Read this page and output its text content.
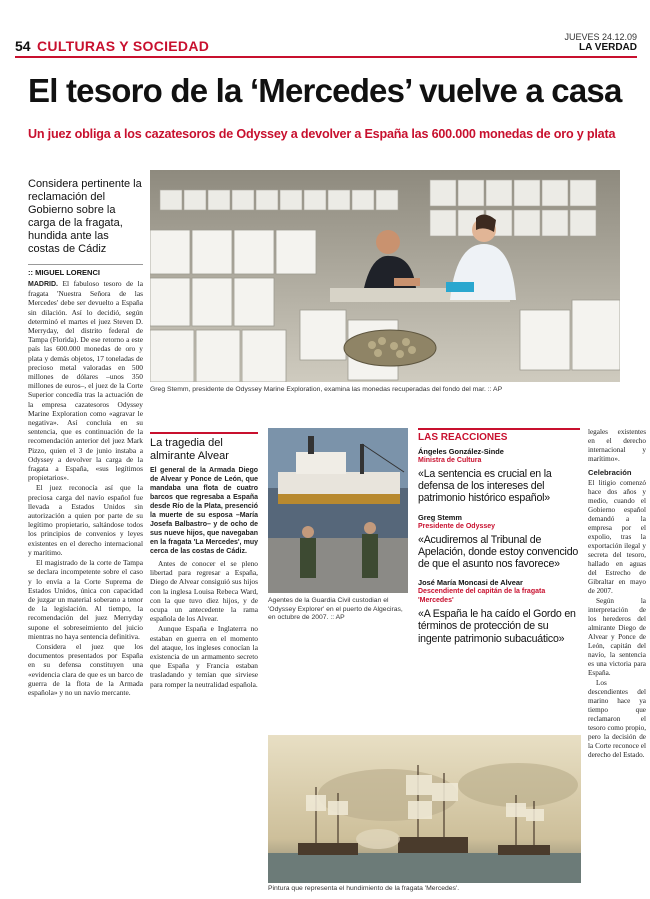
54 CULTURAS Y SOCIEDAD
JUEVES 24.12.09
LA VERDAD
El tesoro de la ‘Mercedes’ vuelve a casa
Un juez obliga a los cazatesoros de Odyssey a devolver a España las 600.000 monedas de oro y plata
Considera pertinente la reclamación del Gobierno sobre la carga de la fragata, hundida ante las costas de Cádiz
:: MIGUEL LORENCI

MADRID. El fabuloso tesoro de la fragata 'Nuestra Señora de las Mercedes' debe ser devuelto a España sin dilación. Así lo decidió, según determinó el martes el juez Steven D. Merryday, del distrito federal de Tampa (Florida). De ese retorno a este país las 600.000 monedas de oro y plata y demás objetos, 17 toneladas de precioso metal valoradas en 500 millones de dólares –unos 350 millones de euros–, el juez de la Corte Superior concedía tras la actuación de la empresa cazatesoros Odyssey Marine Exploration como «agravar le negativa». Así concluía en su sentencia, que es continuación de la recomendación anterior del juez Mark Pizzo, quien el 3 de junio instaba a Odyssey a devolver la carga de la fragata a España, «sus legítimos propietarios».

El juez reconocía así que la preciosa carga del navío español fue llevada a Estados Unidos sin autorización a quien por parte de su legítimo propietario, saltándose todos los principios de convenios y leyes existentes en el derecho internacional y marítimo.

El magistrado de la corte de Tampa se declara incompetente sobre el caso y lo envía a la Corte Suprema de Estados Unidos, única con capacidad de juzgar un material soberano a tenor de la legislación. Al tiempo, la recomendación del juez Merryday supone el sobreseimiento del juicio mientras no haya sentencia definitiva.

Considera el juez que los documentos presentados por España en su defensa constituyen una «evidencia clara de que es un barco de guerra de la flota de la Armada española» y no un navío mercante.

Greg Stemm, presidente de Odyssey Marine Exploration, examina las monedas recuperadas del fondo del mar. :: AP
La tragedia del almirante Alvear
El general de la Armada Diego de Alvear y Ponce de León, que mandaba una flota de cuatro barcos que regresaba a España desde Río de la Plata, presenció la muerte de su esposa –María Josefa Balbastro– y de ocho de sus nueve hijos, que navegaban en la fragata 'La Mercedes', muy cerca de las costas de Cádiz.

Antes de conocer el se pleno libertad para regresar a España, Diego de Alvear consiguió sus hijos con la inglesa Louisa Rebeca Ward, con la que tuvo diez hijos, y de ocupa un antecedente la rama española de los Alvear.

Aunque España e Inglaterra no estaban en guerra en el momento del ataque, los ingleses conocían la existencia de un armamento secreto que España y Francia estaban trasladando y temían que sirviese para romper la neutralidad española.

Agentes de la Guardia Civil custodian el 'Odyssey Explorer' en el puerto de Algeciras, en octubre de 2007. :: AP
LAS REACCIONES
Ángeles González-Sinde
Ministra de Cultura
«La sentencia es crucial en la defensa de los intereses del patrimonio histórico español»
Greg Stemm
Presidente de Odyssey
«Acudiremos al Tribunal de Apelación, donde estoy convencido de que el asunto nos favorece»
José María Moncasi de Alvear
Descendiente del capitán de la fragata 'Mercedes'
«A España le ha caído el Gordo en términos de protección de su ingente patrimonio subacuático»

legales existentes en el derecho internacional y marítimo».

Celebración

El litigio comenzó hace dos años y medio, cuando el Gobierno español demandó a la empresa por el expolio, tras la exportación ilegal y secreta del tesoro, hallado en aguas del Estrecho de Gibraltar en mayo de 2007.

Según la interpretación de los herederos del almirante Diego de Alvear y Ponce de León, capitán del navío, la sentencia es una victoria para España.

Los descendientes del marino hace ya tiempo que reclamaron el tesoro como propio, pero la decisión de la Corte reconoce el derecho del Estado.

Pintura que representa el hundimiento de la fragata 'Mercedes'.
